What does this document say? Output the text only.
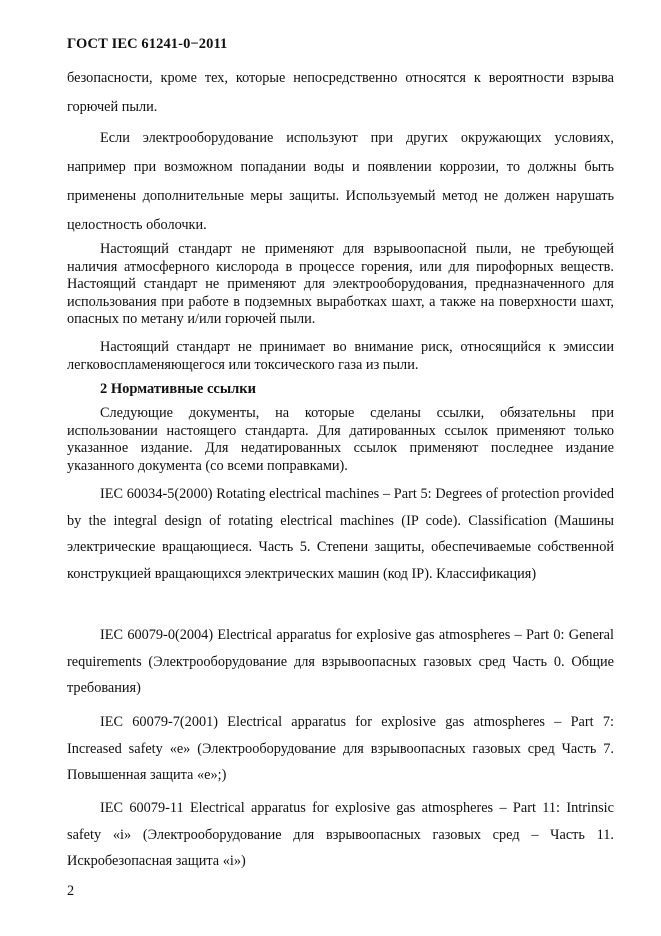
ГОСТ IEC 61241-0−2011

безопасности, кроме тех, которые непосредственно относятся к вероятности взрыва горючей пыли.

Если электрооборудование используют при других окружающих условиях, например при возможном попадании воды и появлении коррозии, то должны быть применены дополнительные меры защиты. Используемый метод не должен нарушать целостность оболочки.

Настоящий стандарт не применяют для взрывоопасной пыли, не требующей наличия атмосферного кислорода в процессе горения, или для пирофорных веществ. Настоящий стандарт не применяют для электрооборудования, предназначенного для использования при работе в подземных выработках шахт, а также на поверхности шахт, опасных по метану и/или горючей пыли.

Настоящий стандарт не принимает во внимание риск, относящийся к эмиссии легковоспламеняющегося или токсического газа из пыли.

2 Нормативные ссылки

Следующие документы, на которые сделаны ссылки, обязательны при использовании настоящего стандарта. Для датированных ссылок применяют только указанное издание. Для недатированных ссылок применяют последнее издание указанного документа (со всеми поправками).

IEC 60034-5(2000) Rotating electrical machines – Part 5: Degrees of protection provided by the integral design of rotating electrical machines (IP code). Classification (Машины электрические вращающиеся. Часть 5. Степени защиты, обеспечиваемые собственной конструкцией вращающихся электрических машин (код IP). Классификация)

IEC 60079-0(2004) Electrical apparatus for explosive gas atmospheres – Part 0: General requirements (Электрооборудование для взрывоопасных газовых сред Часть 0. Общие требования)

IEC 60079-7(2001) Electrical apparatus for explosive gas atmospheres – Part 7: Increased safety «e» (Электрооборудование для взрывоопасных газовых сред Часть 7. Повышенная защита «e»;)

IEC 60079-11 Electrical apparatus for explosive gas atmospheres – Part 11: Intrinsic safety «i» (Электрооборудование для взрывоопасных газовых сред – Часть 11. Искробезопасная защита «i»)

2
